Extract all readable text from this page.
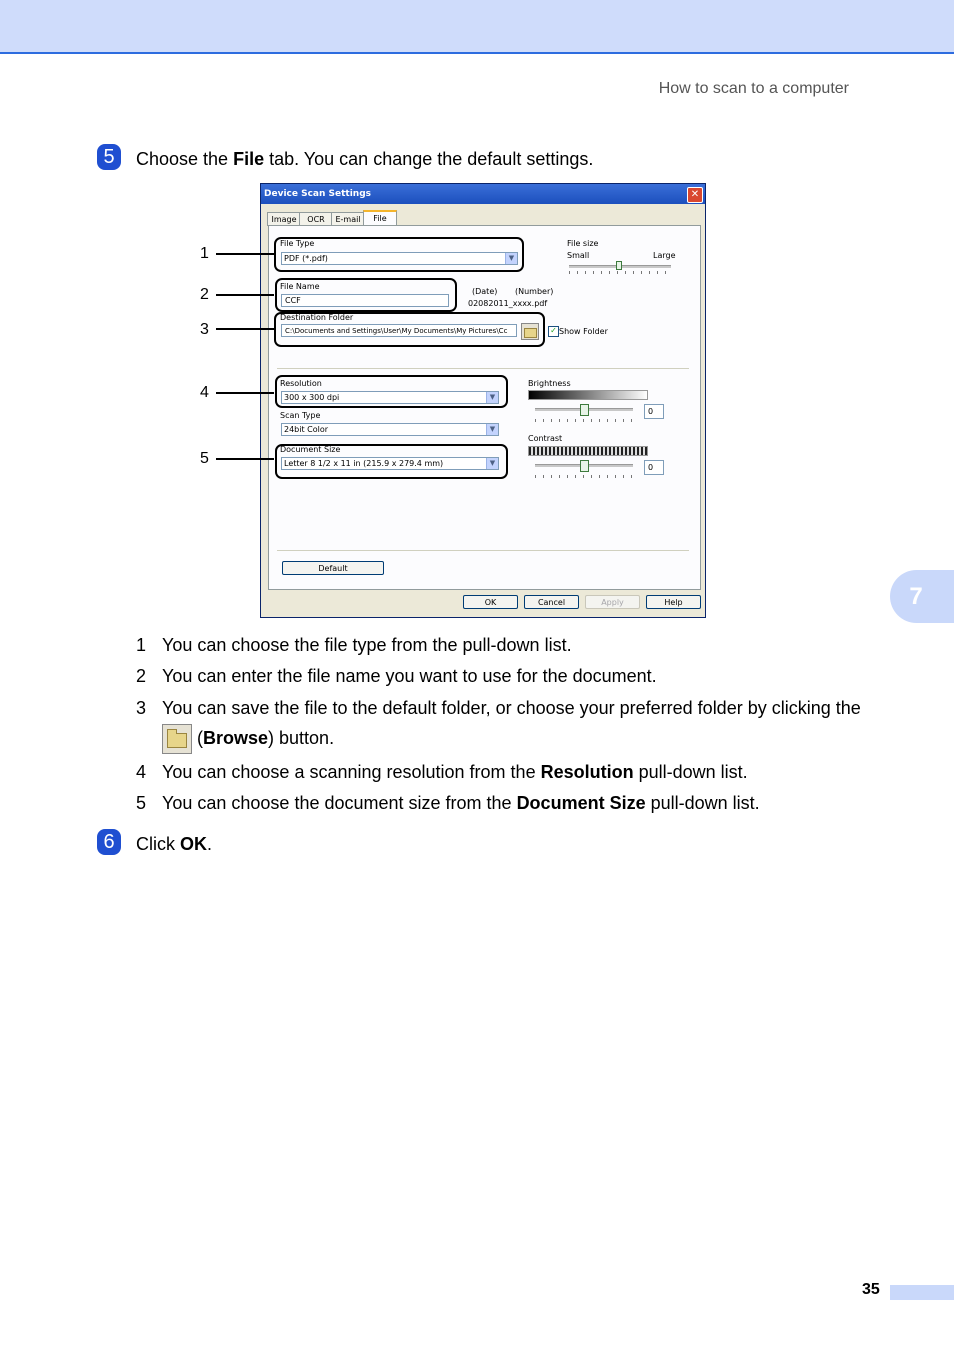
How to scan to a computer
7
5	Choose the File tab. You can change the default settings.
Device Scan Settings	✕
Image	OCR	E-mail	File
File Type
PDF (*.pdf)	▼
File size
Small	Large
File Name
CCF
(Date) (Number)
02082011_xxxx.pdf
Destination Folder
C:\Documents and Settings\User\My Documents\My Pictures\Cc	✓ Show Folder
Resolution
300 x 300 dpi	▼
Scan Type
24bit Color	▼
Document Size
Letter 8 1/2 x 11 in (215.9 x 279.4 mm)	▼
Brightness
0
Contrast
0
Default
OK	Cancel	Apply	Help
1
2
3
4
5
1 You can choose the file type from the pull-down list.
2 You can enter the file name you want to use for the document.
3 You can save the file to the default folder, or choose your preferred folder by clicking the
(Browse) button.
4 You can choose a scanning resolution from the Resolution pull-down list.
5 You can choose the document size from the Document Size pull-down list.
6	Click OK.
35
